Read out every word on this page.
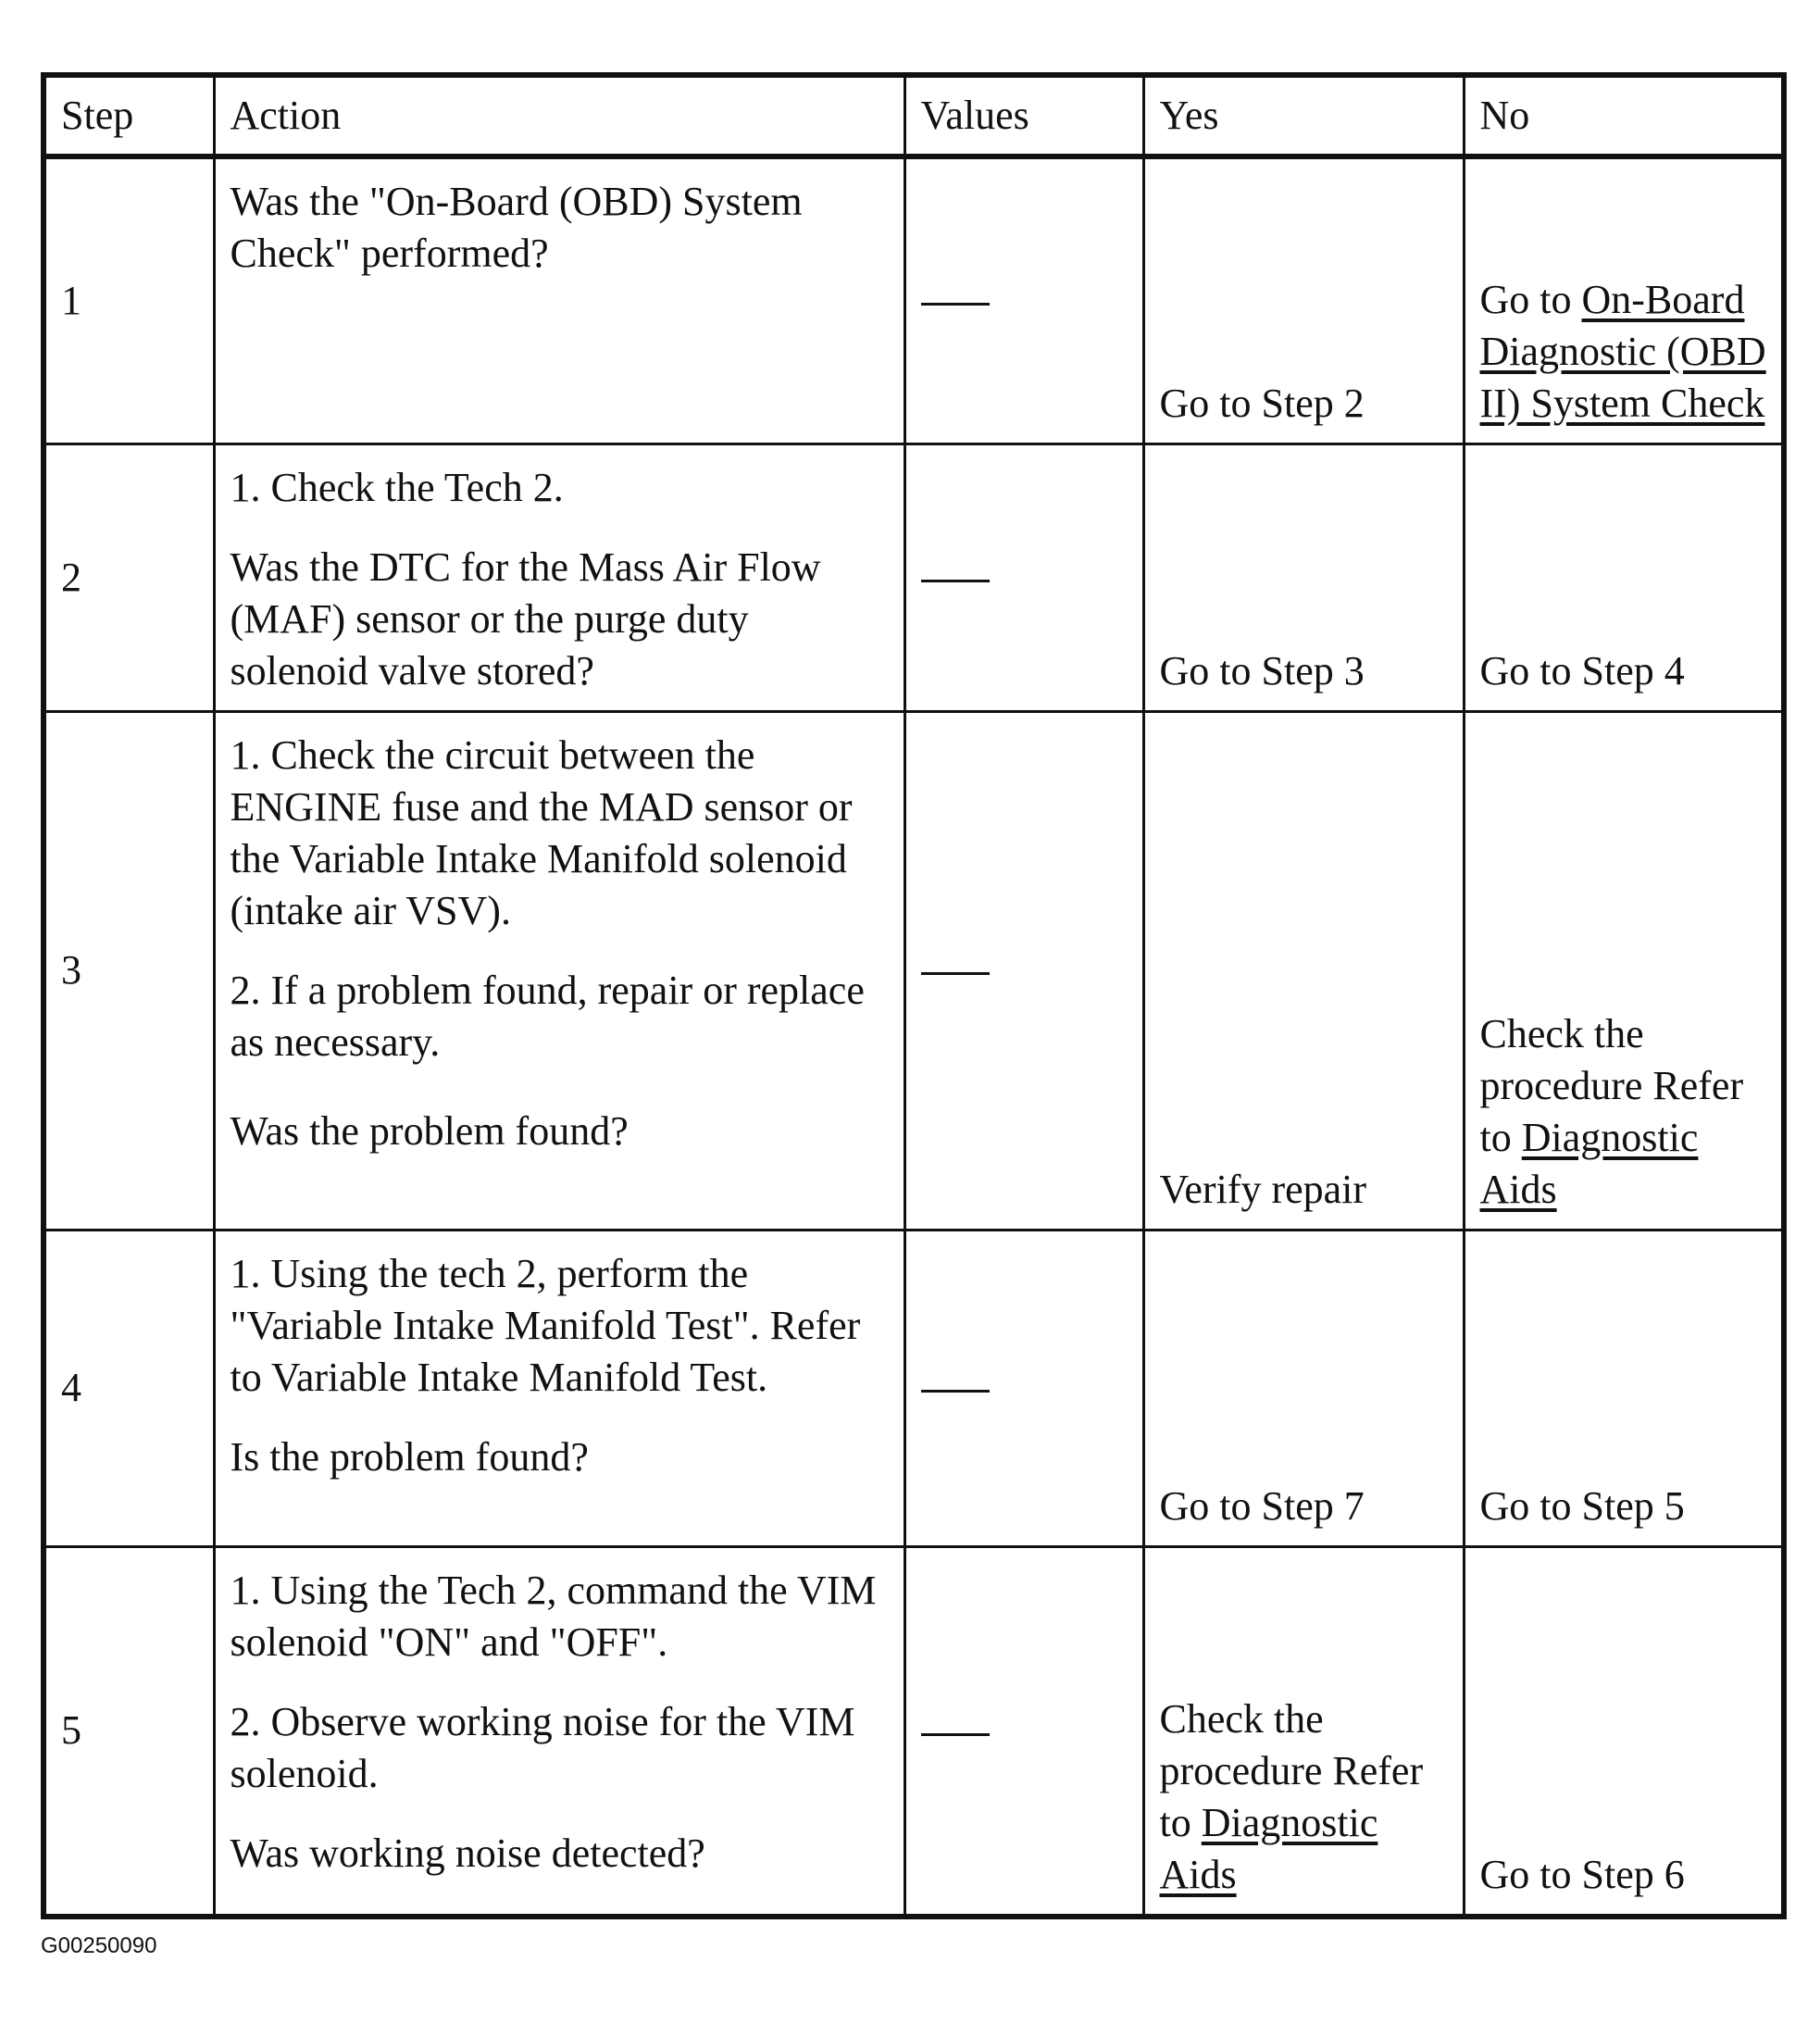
Step	Action	Values	Yes	No
1	Was the "On-Board (OBD) System Check" performed?		Go to Step 2	Go to On-Board Diagnostic (OBD II) System Check
2	1. Check the Tech 2.

Was the DTC for the Mass Air Flow (MAF) sensor or the purge duty solenoid valve stored?		Go to Step 3	Go to Step 4
3	1. Check the circuit between the ENGINE fuse and the MAD sensor or the Variable Intake Manifold solenoid (intake air VSV).

2. If a problem found, repair or replace as necessary.

Was the problem found?		Verify repair	Check the procedure Refer to Diagnostic Aids
4	1. Using the tech 2, perform the "Variable Intake Manifold Test". Refer to Variable Intake Manifold Test.

Is the problem found?		Go to Step 7	Go to Step 5
5	1. Using the Tech 2, command the VIM solenoid "ON" and "OFF".

2. Observe working noise for the VIM solenoid.

Was working noise detected?		Check the procedure Refer to Diagnostic Aids	Go to Step 6
G00250090
